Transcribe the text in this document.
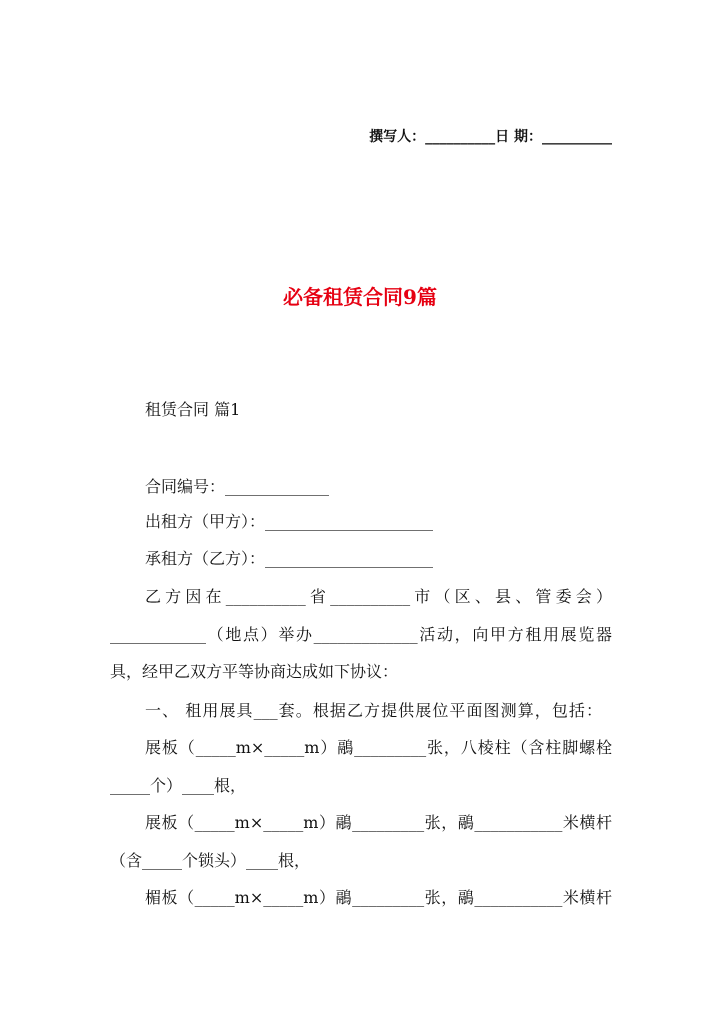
撰写人：__________日 期：__________
必备租赁合同9篇
租赁合同 篇1
合同编号：_____________
出租方（甲方）：_____________________
承租方（乙方）：_____________________
乙方因在__________省__________市（区、县、管委会）
____________（地点）举办_____________活动，向甲方租用展览器
具，经甲乙双方平等协商达成如下协议：
一、 租用展具___套。根据乙方提供展位平面图测算，包括：
展板（_____m×_____m）鷊_________张，八棱柱（含柱脚螺栓
_____个）____根，
展板（_____m×_____m）鷊_________张，鷊___________米横杆
（含_____个锁头）____根，
楣板（_____m×_____m）鷊_________张，鷊___________米横杆
